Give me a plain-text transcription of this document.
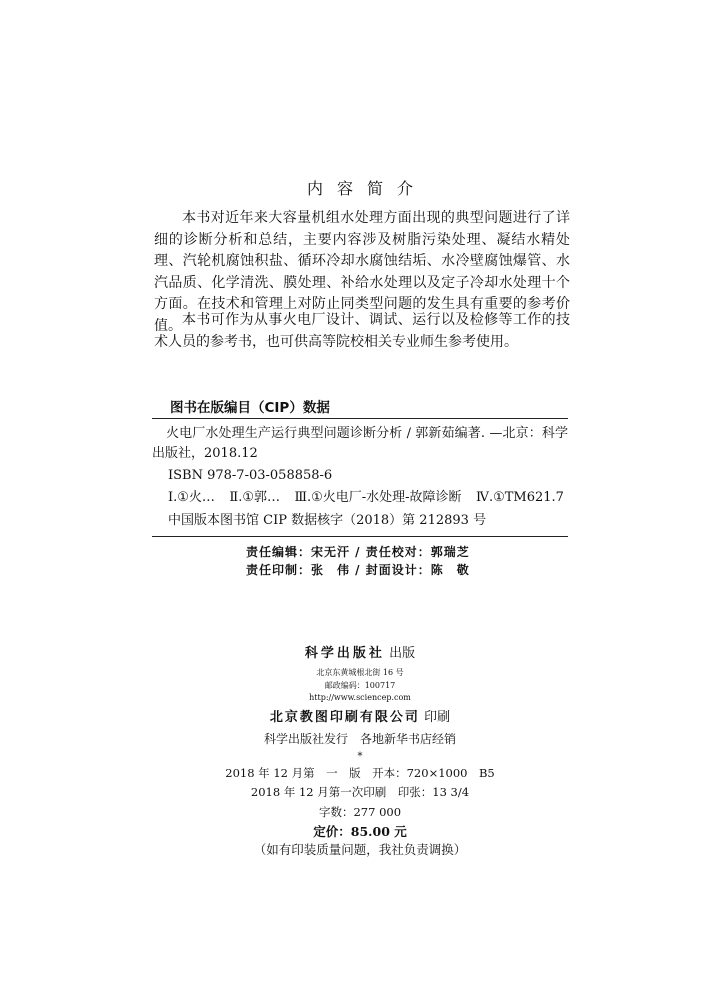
内容简介

本书对近年来大容量机组水处理方面出现的典型问题进行了详细的诊断分析和总结，主要内容涉及树脂污染处理、凝结水精处理、汽轮机腐蚀积盐、循环冷却水腐蚀结垢、水冷壁腐蚀爆管、水汽品质、化学清洗、膜处理、补给水处理以及定子冷却水处理十个方面。在技术和管理上对防止同类型问题的发生具有重要的参考价值。 本书可作为从事火电厂设计、调试、运行以及检修等工作的技术人员的参考书，也可供高等院校相关专业师生参考使用。

图书在版编目（CIP）数据

火电厂水处理生产运行典型问题诊断分析 / 郭新茹编著. —北京：科学出版社，2018.12

ISBN 978-7-03-058858-6
Ⅰ.①火… Ⅱ.①郭… Ⅲ.①火电厂-水处理-故障诊断 Ⅳ.①TM621.7
中国版本图书馆 CIP 数据核字（2018）第 212893 号
责任编辑：宋无汗 / 责任校对：郭瑞芝
责任印制：张　伟 / 封面设计：陈　敬
科学出版社 出版
北京东黄城根北街 16 号
邮政编码：100717
http://www.sciencep.com
北京教图印刷有限公司 印刷
科学出版社发行　各地新华书店经销
*
2018 年 12 月第　一　版　开本：720×1000　B5
2018 年 12 月第一次印刷　印张：13 3/4
字数：277 000
定价：85.00 元
（如有印装质量问题，我社负责调换）
